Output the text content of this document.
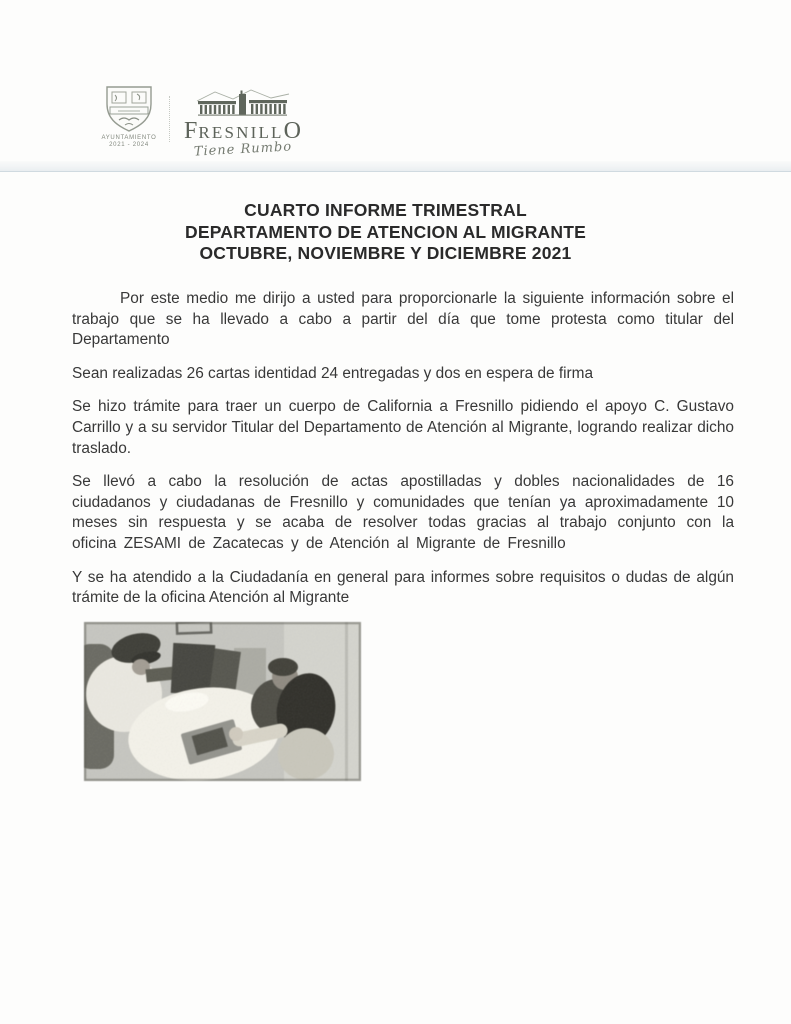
AYUNTAMIENTO
2021 - 2024
FRESNILLO
Tiene Rumbo
CUARTO INFORME TRIMESTRAL
DEPARTAMENTO DE ATENCION AL MIGRANTE
OCTUBRE, NOVIEMBRE Y DICIEMBRE 2021

Por este medio me dirijo a usted para proporcionarle la siguiente información sobre el trabajo que se ha llevado a cabo a partir del día que tome protesta como titular del Departamento

Sean realizadas 26 cartas identidad 24 entregadas y dos en espera de firma

Se hizo trámite para traer un cuerpo de California a Fresnillo pidiendo el apoyo C. Gustavo Carrillo y a su servidor Titular del Departamento de Atención al Migrante, logrando realizar dicho traslado.

Se llevó a cabo la resolución de actas apostilladas y dobles nacionalidades de 16 ciudadanos y ciudadanas de Fresnillo y comunidades que tenían ya aproximadamente 10 meses sin respuesta y se acaba de resolver todas gracias al trabajo conjunto con la oficina ZESAMI de Zacatecas y de Atención al Migrante de Fresnillo

Y se ha atendido a la Ciudadanía en general para informes sobre requisitos o dudas de algún trámite de la oficina Atención al Migrante
